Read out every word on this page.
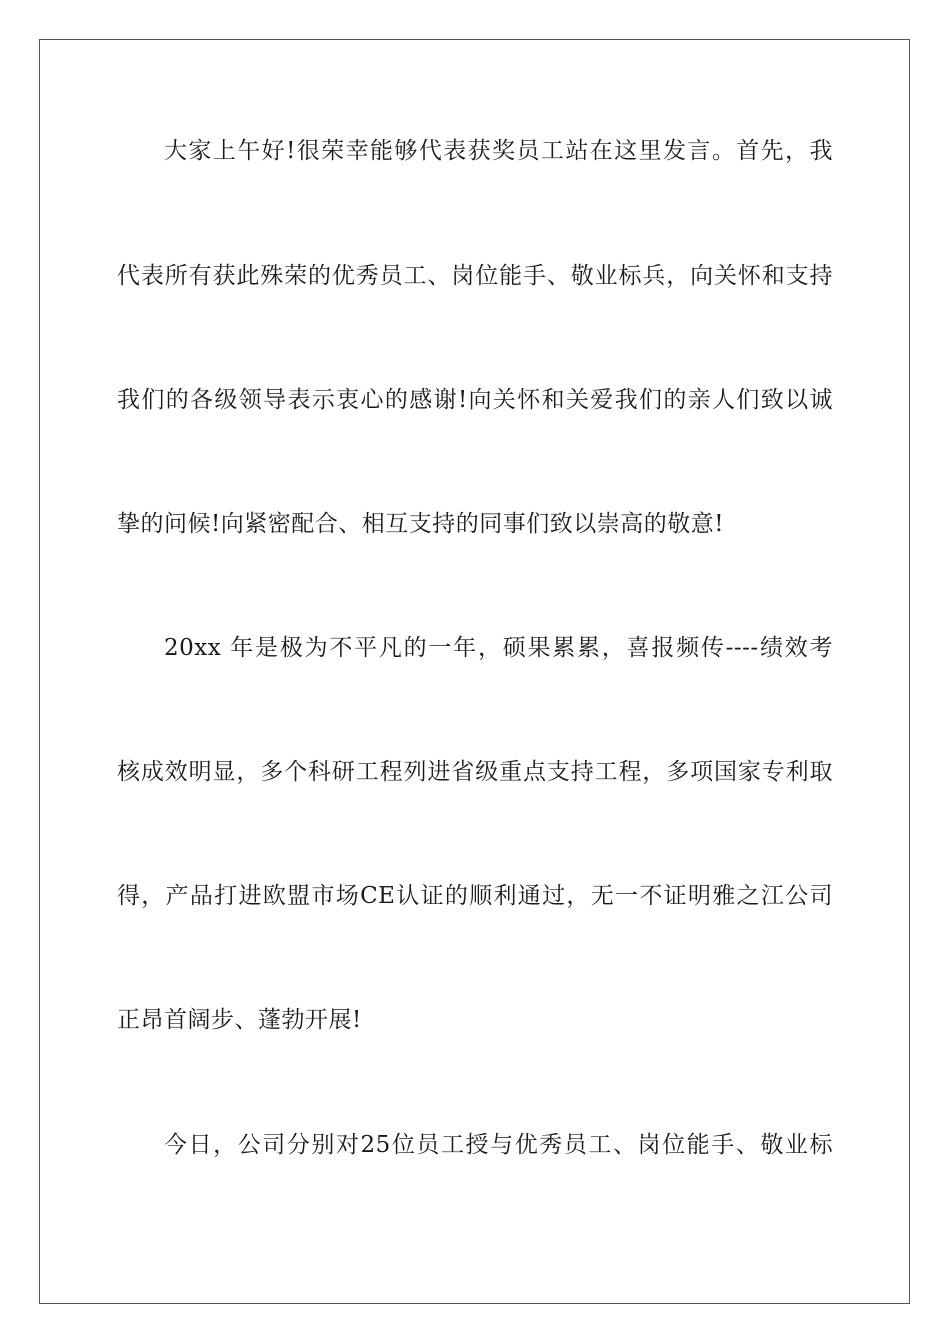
大家上午好!很荣幸能够代表获奖员工站在这里发言。首先，我
代表所有获此殊荣的优秀员工、岗位能手、敬业标兵，向关怀和支持
我们的各级领导表示衷心的感谢!向关怀和关爱我们的亲人们致以诚
挚的问候!向紧密配合、相互支持的同事们致以崇高的敬意!
20xx 年是极为不平凡的一年，硕果累累，喜报频传----绩效考
核成效明显，多个科研工程列进省级重点支持工程，多项国家专利取
得，产品打进欧盟市场CE认证的顺利通过，无一不证明雅之江公司
正昂首阔步、蓬勃开展!
今日，公司分别对25位员工授与优秀员工、岗位能手、敬业标
